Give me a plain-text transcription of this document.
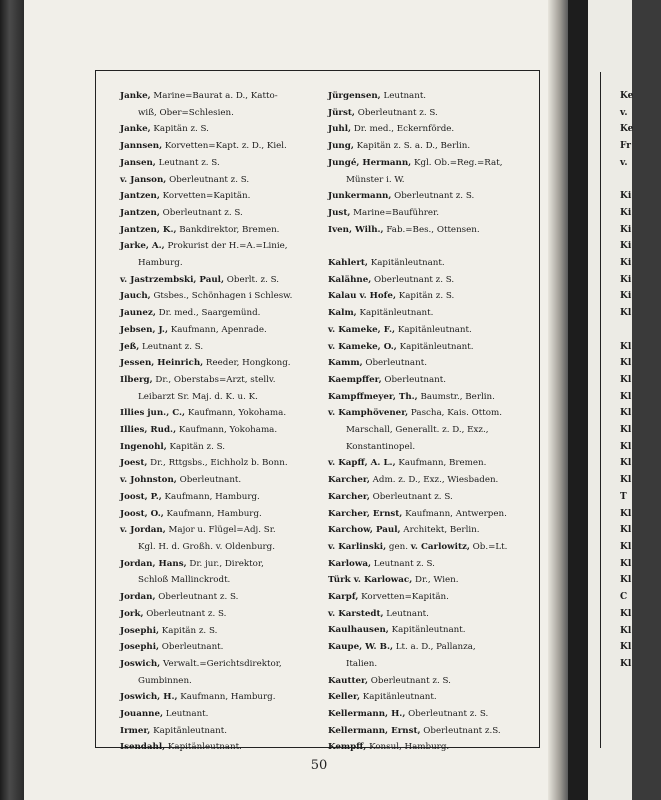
Ke
v.
Ke
Fr
v.

Ki
Ki
Ki
Ki
Ki
Ki
Ki
Kl

Kl
Kl
Kl
Kl
Kl
Kl
Kl
Kl
Kl
T
Kl
Kl
Kl
Kl
Kl
C
Kl
Kl
Kl
Kl
Janke, Marine=Baurat a. D., Katto-
wiß, Ober=Schlesien.
Janke, Kapitän z. S.
Jannsen, Korvetten=Kapt. z. D., Kiel.
Jansen, Leutnant z. S.
v. Janson, Oberleutnant z. S.
Jantzen, Korvetten=Kapitän.
Jantzen, Oberleutnant z. S.
Jantzen, K., Bankdirektor, Bremen.
Jarke, A., Prokurist der H.=A.=Linie,
Hamburg.
v. Jastrzembski, Paul, Oberlt. z. S.
Jauch, Gtsbes., Schönhagen i Schlesw.
Jaunez, Dr. med., Saargemünd.
Jebsen, J., Kaufmann, Apenrade.
Jeß, Leutnant z. S.
Jessen, Heinrich, Reeder, Hongkong.
Ilberg, Dr., Oberstabs=Arzt, stellv.
Leibarzt Sr. Maj. d. K. u. K.
Illies jun., C., Kaufmann, Yokohama.
Illies, Rud., Kaufmann, Yokohama.
Ingenohl, Kapitän z. S.
Joest, Dr., Rttgsbs., Eichholz b. Bonn.
v. Johnston, Oberleutnant.
Joost, P., Kaufmann, Hamburg.
Joost, O., Kaufmann, Hamburg.
v. Jordan, Major u. Flügel=Adj. Sr.
Kgl. H. d. Großh. v. Oldenburg.
Jordan, Hans, Dr. jur., Direktor,
Schloß Mallinckrodt.
Jordan, Oberleutnant z. S.
Jork, Oberleutnant z. S.
Josephi, Kapitän z. S.
Josephi, Oberleutnant.
Joswich, Verwalt.=Gerichtsdirektor,
Gumbinnen.
Joswich, H., Kaufmann, Hamburg.
Jouanne, Leutnant.
Irmer, Kapitänleutnant.
Isendahl, Kapitänleutnant.
Jürgensen, Leutnant.
Jürst, Oberleutnant z. S.
Juhl, Dr. med., Eckernförde.
Jung, Kapitän z. S. a. D., Berlin.
Jungé, Hermann, Kgl. Ob.=Reg.=Rat,
Münster i. W.
Junkermann, Oberleutnant z. S.
Just, Marine=Bauführer.
Iven, Wilh., Fab.=Bes., Ottensen.
Kahlert, Kapitänleutnant.
Kalähne, Oberleutnant z. S.
Kalau v. Hofe, Kapitän z. S.
Kalm, Kapitänleutnant.
v. Kameke, F., Kapitänleutnant.
v. Kameke, O., Kapitänleutnant.
Kamm, Oberleutnant.
Kaempffer, Oberleutnant.
Kampffmeyer, Th., Baumstr., Berlin.
v. Kamphövener, Pascha, Kais. Ottom.
Marschall, Generallt. z. D., Exz.,
Konstantinopel.
v. Kapff, A. L., Kaufmann, Bremen.
Karcher, Adm. z. D., Exz., Wiesbaden.
Karcher, Oberleutnant z. S.
Karcher, Ernst, Kaufmann, Antwerpen.
Karchow, Paul, Architekt, Berlin.
v. Karlinski, gen. v. Carlowitz, Ob.=Lt.
Karlowa, Leutnant z. S.
Türk v. Karlowac, Dr., Wien.
Karpf, Korvetten=Kapitän.
v. Karstedt, Leutnant.
Kaulhausen, Kapitänleutnant.
Kaupe, W. B., Lt. a. D., Pallanza,
Italien.
Kautter, Oberleutnant z. S.
Keller, Kapitänleutnant.
Kellermann, H., Oberleutnant z. S.
Kellermann, Ernst, Oberleutnant z.S.
Kempff, Konsul, Hamburg.
50
